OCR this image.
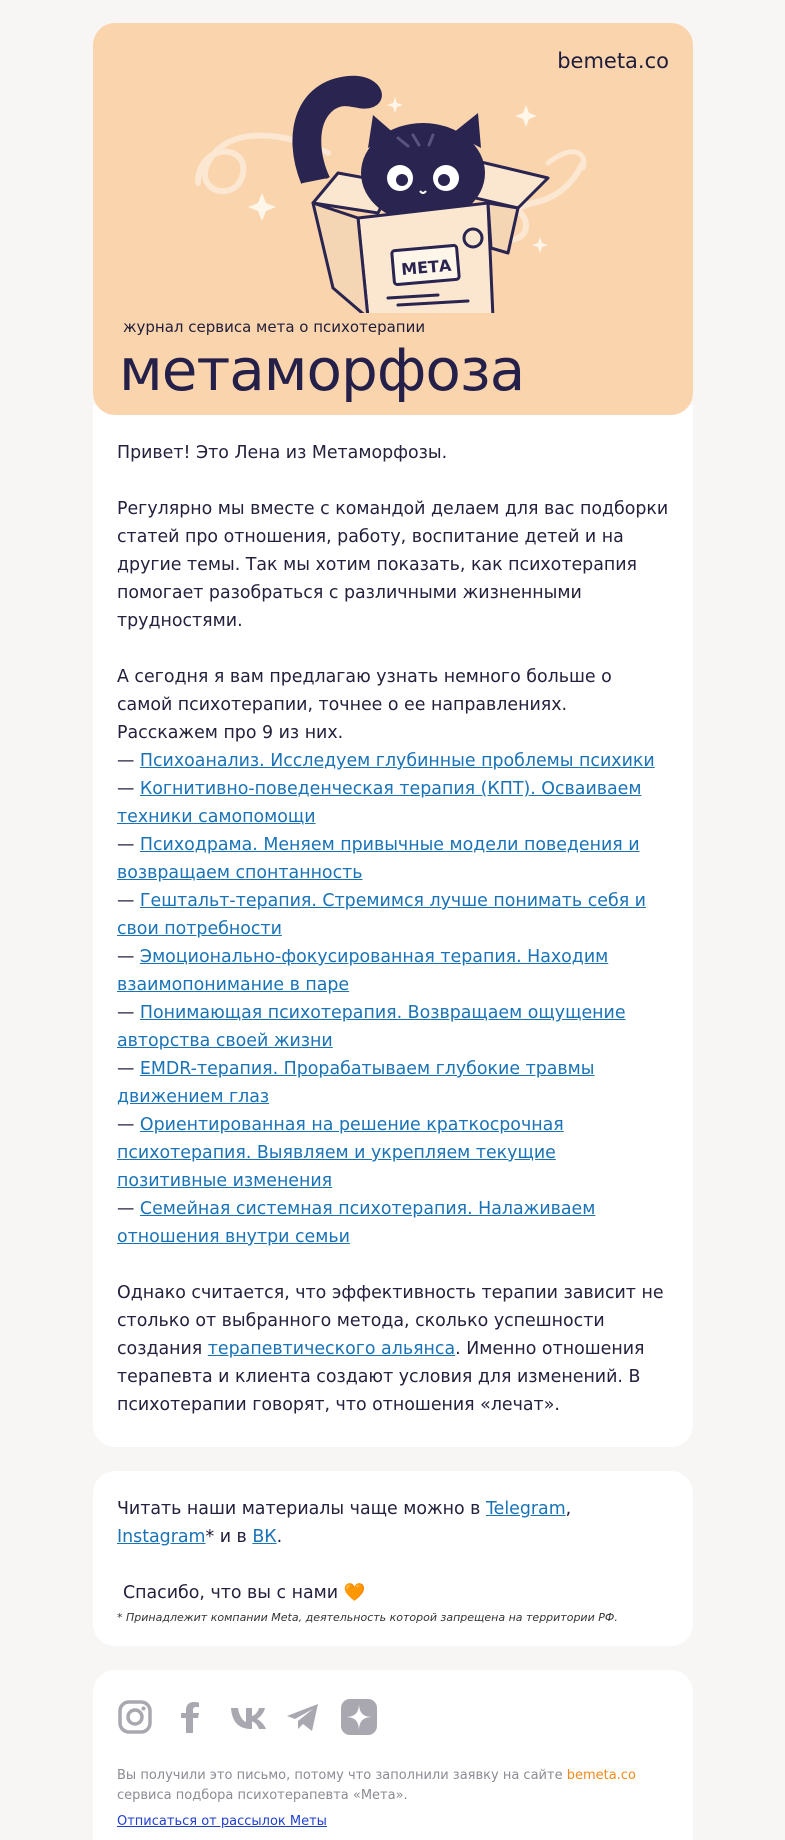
bemeta.co
MЕТА
журнал сервиса мета о психотерапии
метаморфоза

Привет! Это Лена из Метаморфозы.

Регулярно мы вместе с командой делаем для вас подборки статей про отношения, работу, воспитание детей и на другие темы. Так мы хотим показать, как психотерапия помогает разобраться с различными жизненными трудностями.

А сегодня я вам предлагаю узнать немного больше о самой психотерапии, точнее о ее направлениях. Расскажем про 9 из них.

— Психоанализ. Исследуем глубинные проблемы психики
— Когнитивно-поведенческая терапия (КПТ). Осваиваем техники самопомощи
— Психодрама. Меняем привычные модели поведения и возвращаем спонтанность
— Гештальт-терапия. Стремимся лучше понимать себя и свои потребности
— Эмоционально-фокусированная терапия. Находим взаимопонимание в паре
— Понимающая психотерапия. Возвращаем ощущение авторства своей жизни
— EMDR-терапия. Прорабатываем глубокие травмы движением глаз
— Ориентированная на решение краткосрочная психотерапия. Выявляем и укрепляем текущие позитивные изменения
— Семейная системная психотерапия. Налаживаем отношения внутри семьи

Однако считается, что эффективность терапии зависит не столько от выбранного метода, сколько успешности создания терапевтического альянса. Именно отношения терапевта и клиента создают условия для изменений. В психотерапии говорят, что отношения «лечат».

Читать наши материалы чаще можно в Telegram, Instagram* и в ВК.
Спасибо, что вы с нами 🧡
* Принадлежит компании Meta, деятельность которой запрещена на территории РФ.
Вы получили это письмо, потому что заполнили заявку на сайте bemeta.co
сервиса подбора психотерапевта «Мета».
Отписаться от рассылок Меты
